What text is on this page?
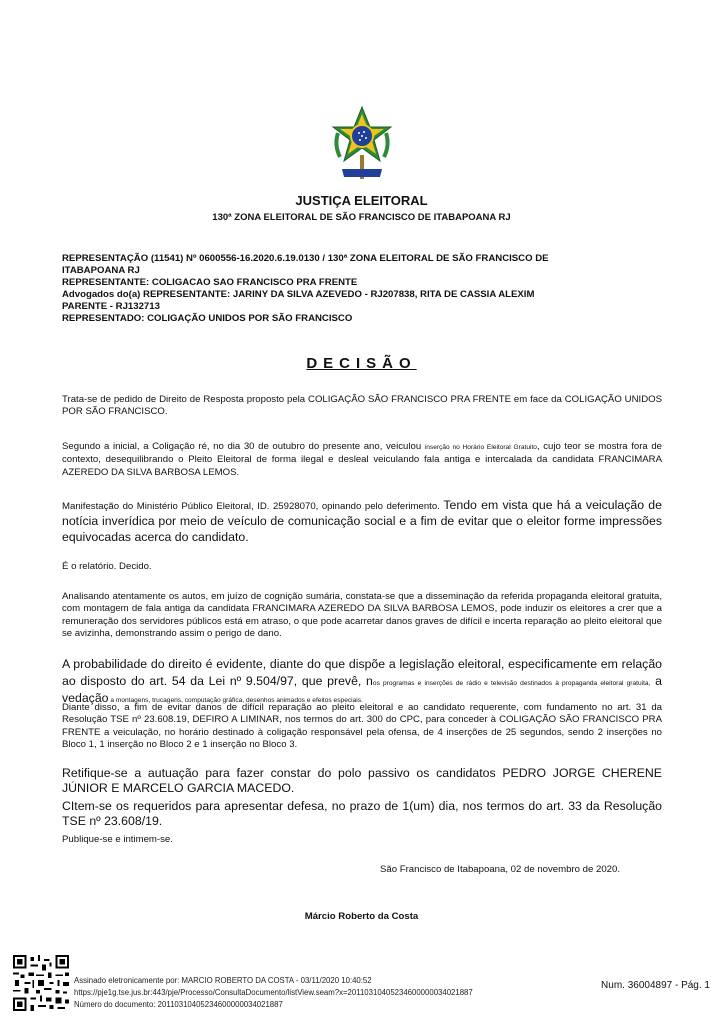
JUSTIÇA ELEITORAL
130ª ZONA ELEITORAL DE SÃO FRANCISCO DE ITABAPOANA RJ
REPRESENTAÇÃO (11541) Nº 0600556-16.2020.6.19.0130 / 130ª ZONA ELEITORAL DE SÃO FRANCISCO DE
ITABAPOANA RJ
REPRESENTANTE: COLIGACAO SAO FRANCISCO PRA FRENTE
Advogados do(a) REPRESENTANTE: JARINY DA SILVA AZEVEDO - RJ207838, RITA DE CASSIA ALEXIM
PARENTE - RJ132713
REPRESENTADO: COLIGAÇÃO UNIDOS POR SÃO FRANCISCO
DECISÃO
Trata-se de pedido de Direito de Resposta proposto pela COLIGAÇÃO SÃO FRANCISCO PRA FRENTE em face da COLIGAÇÃO UNIDOS POR SÃO FRANCISCO.
Segundo a inicial, a Coligação ré, no dia 30 de outubro do presente ano, veiculou inserção no Horário Eleitoral Gratuito, cujo teor se mostra fora de contexto, desequilibrando o Pleito Eleitoral de forma ilegal e desleal veiculando fala antiga e intercalada da candidata FRANCIMARA AZEREDO DA SILVA BARBOSA LEMOS.
Manifestação do Ministério Público Eleitoral, ID. 25928070, opinando pelo deferimento. Tendo em vista que há a veiculação de notícia inverídica por meio de veículo de comunicação social e a fim de evitar que o eleitor forme impressões equivocadas acerca do candidato.
É o relatório. Decido.
Analisando atentamente os autos, em juízo de cognição sumária, constata-se que a disseminação da referida propaganda eleitoral gratuita, com montagem de fala antiga da candidata FRANCIMARA AZEREDO DA SILVA BARBOSA LEMOS, pode induzir os eleitores a crer que a remuneração dos servidores públicos está em atraso, o que pode acarretar danos graves de difícil e incerta reparação ao pleito eleitoral que se avizinha, demonstrando assim o perigo de dano.
A probabilidade do direito é evidente, diante do que dispõe a legislação eleitoral, especificamente em relação ao disposto do art. 54 da Lei nº 9.504/97, que prevê, nos programas e inserções de rádio e televisão destinados à propaganda eleitoral gratuita, a vedação a montagens, trucagens, computação gráfica, desenhos animados e efeitos especiais.
Diante disso, a fim de evitar danos de difícil reparação ao pleito eleitoral e ao candidato requerente, com fundamento no art. 31 da Resolução TSE nº 23.608.19, DEFIRO A LIMINAR, nos termos do art. 300 do CPC, para conceder à COLIGAÇÃO SÃO FRANCISCO PRA FRENTE a veiculação, no horário destinado à coligação responsável pela ofensa, de 4 inserções de 25 segundos, sendo 2 inserções no Bloco 1, 1 inserção no Bloco 2 e 1 inserção no Bloco 3.
Retifique-se a autuação para fazer constar do polo passivo os candidatos PEDRO JORGE CHERENE JÚNIOR E MARCELO GARCIA MACEDO.
CItem-se os requeridos para apresentar defesa, no prazo de 1(um) dia, nos termos do art. 33 da Resolução TSE nº 23.608/19.
Publique-se e intimem-se.
São Francisco de Itabapoana, 02 de novembro de 2020.
Márcio Roberto da Costa
Assinado eletronicamente por: MARCIO ROBERTO DA COSTA - 03/11/2020 10:40:52
https://pje1g.tse.jus.br:443/pje/Processo/ConsultaDocumento/listView.seam?x=20110310405234600000034021887
Número do documento: 20110310405234600000034021887
Num. 36004897 - Pág. 1
